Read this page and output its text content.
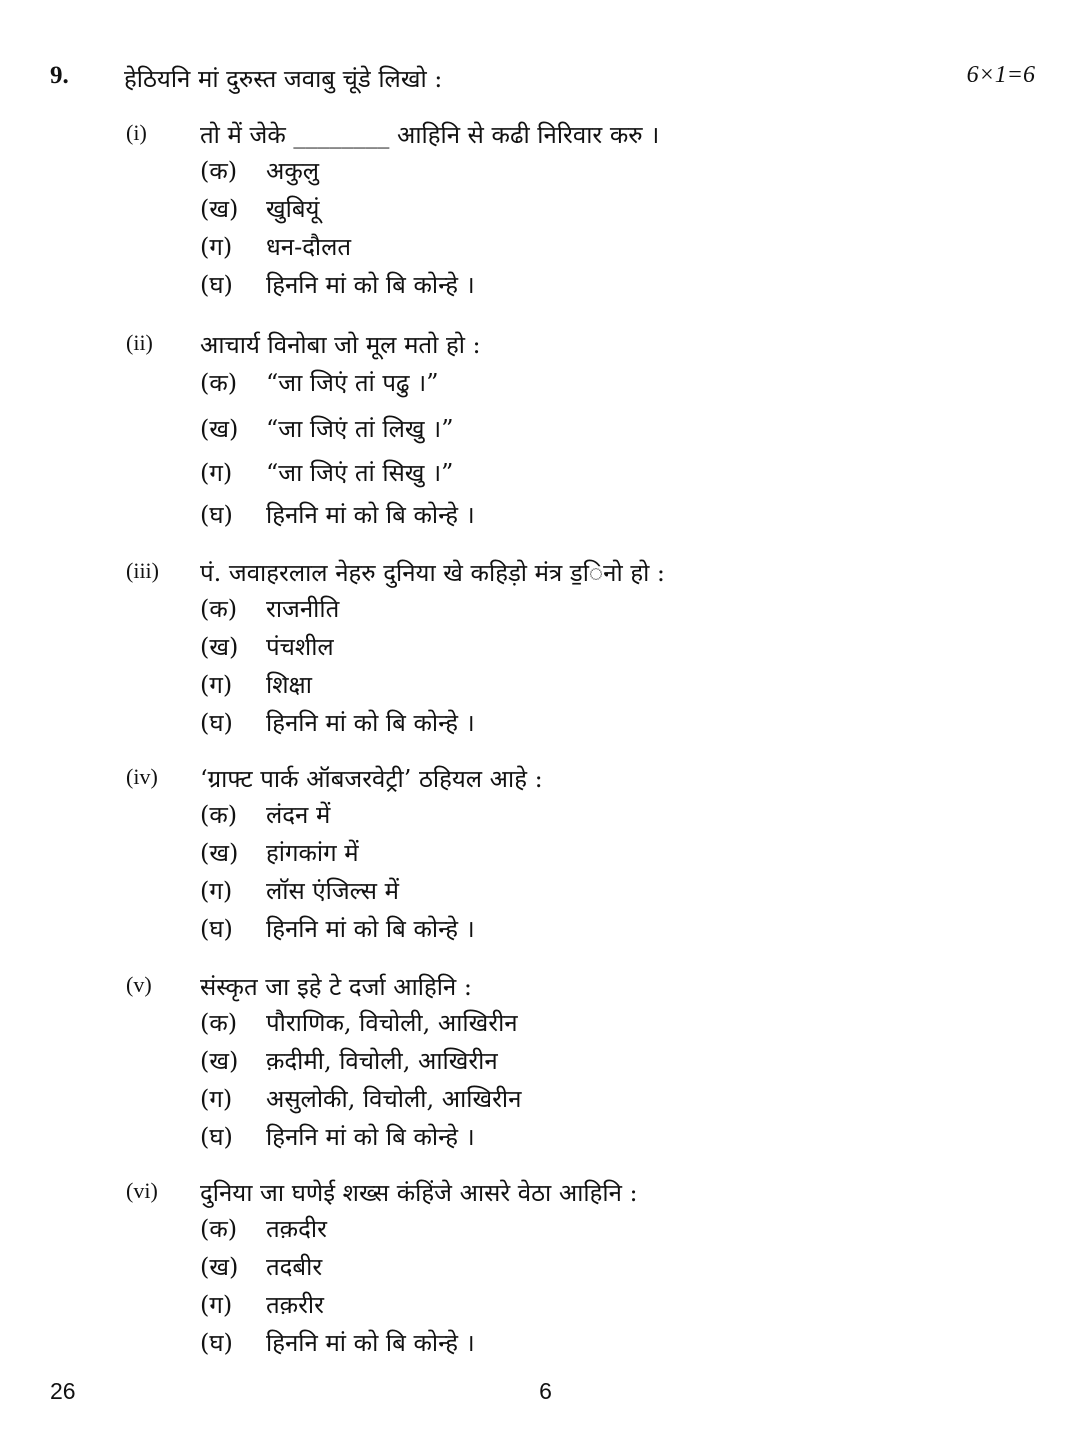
9. हेठियनि मां दुरुस्त जवाबु चूंडे लिखो :	6×1=6
(i) तो में जेके ________ आहिनि से कढी निरिवार करु ।
(क) अकुलु
(ख) खुबियूं
(ग) धन-दौलत
(घ) हिननि मां को बि कोन्हे ।
(ii) आचार्य विनोबा जो मूल मतो हो :
(क) “जा जिएं तां पढु ।”
(ख) “जा जिएं तां लिखु ।”
(ग) “जा जिएं तां सिखु ।”
(घ) हिननि मां को बि कोन्हे ।
(iii) पं. जवाहरलाल नेहरु दुनिया खे कहिड़ो मंत्र ड॒िनो हो :
(क) राजनीति
(ख) पंचशील
(ग) शिक्षा
(घ) हिननि मां को बि कोन्हे ।
(iv) ‘ग्राफ्ट पार्क ऑबजरवेट्री’ ठहियल आहे :
(क) लंदन में
(ख) हांगकांग में
(ग) लॉस एंजिल्स में
(घ) हिननि मां को बि कोन्हे ।
(v) संस्कृत जा इहे टे दर्जा आहिनि :
(क) पौराणिक, विचोली, आखिरीन
(ख) क़दीमी, विचोली, आखिरीन
(ग) असुलोकी, विचोली, आखिरीन
(घ) हिननि मां को बि कोन्हे ।
(vi) दुनिया जा घणेई शख्स कंहिंजे आसरे वेठा आहिनि :
(क) तक़दीर
(ख) तदबीर
(ग) तक़रीर
(घ) हिननि मां को बि कोन्हे ।
26	6
